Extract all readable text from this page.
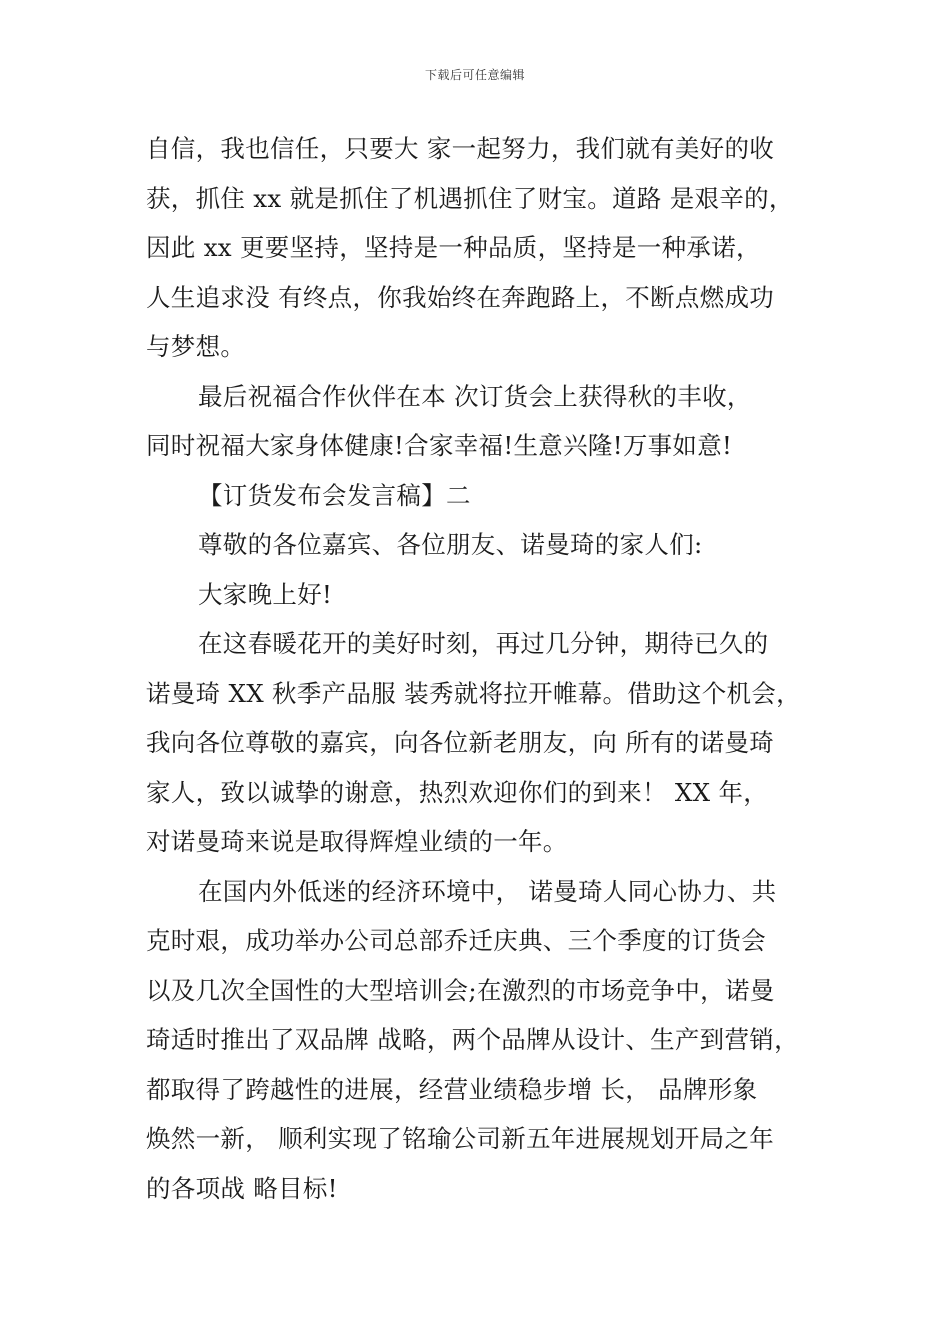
下载后可任意编辑
自信，我也信任，只要大 家一起努力，我们就有美好的收
获，抓住 xx 就是抓住了机遇抓住了财宝。道路 是艰辛的，
因此 xx 更要坚持，坚持是一种品质，坚持是一种承诺，
人生追求没 有终点，你我始终在奔跑路上，不断点燃成功
与梦想。
最后祝福合作伙伴在本 次订货会上获得秋的丰收，
同时祝福大家身体健康!合家幸福!生意兴隆!万事如意!
【订货发布会发言稿】二
尊敬的各位嘉宾、各位朋友、诺曼琦的家人们:
大家晚上好!
在这春暖花开的美好时刻，再过几分钟，期待已久的
诺曼琦 XX 秋季产品服 装秀就将拉开帷幕。借助这个机会，
我向各位尊敬的嘉宾，向各位新老朋友，向 所有的诺曼琦
家人，致以诚挚的谢意，热烈欢迎你们的到来！ XX 年，
对诺曼琦来说是取得辉煌业绩的一年。
在国内外低迷的经济环境中， 诺曼琦人同心协力、共
克时艰，成功举办公司总部乔迁庆典、三个季度的订货会
以及几次全国性的大型培训会;在激烈的市场竞争中，诺曼
琦适时推出了双品牌 战略，两个品牌从设计、生产到营销，
都取得了跨越性的进展，经营业绩稳步增 长， 品牌形象
焕然一新， 顺利实现了铭瑜公司新五年进展规划开局之年
的各项战 略目标!
